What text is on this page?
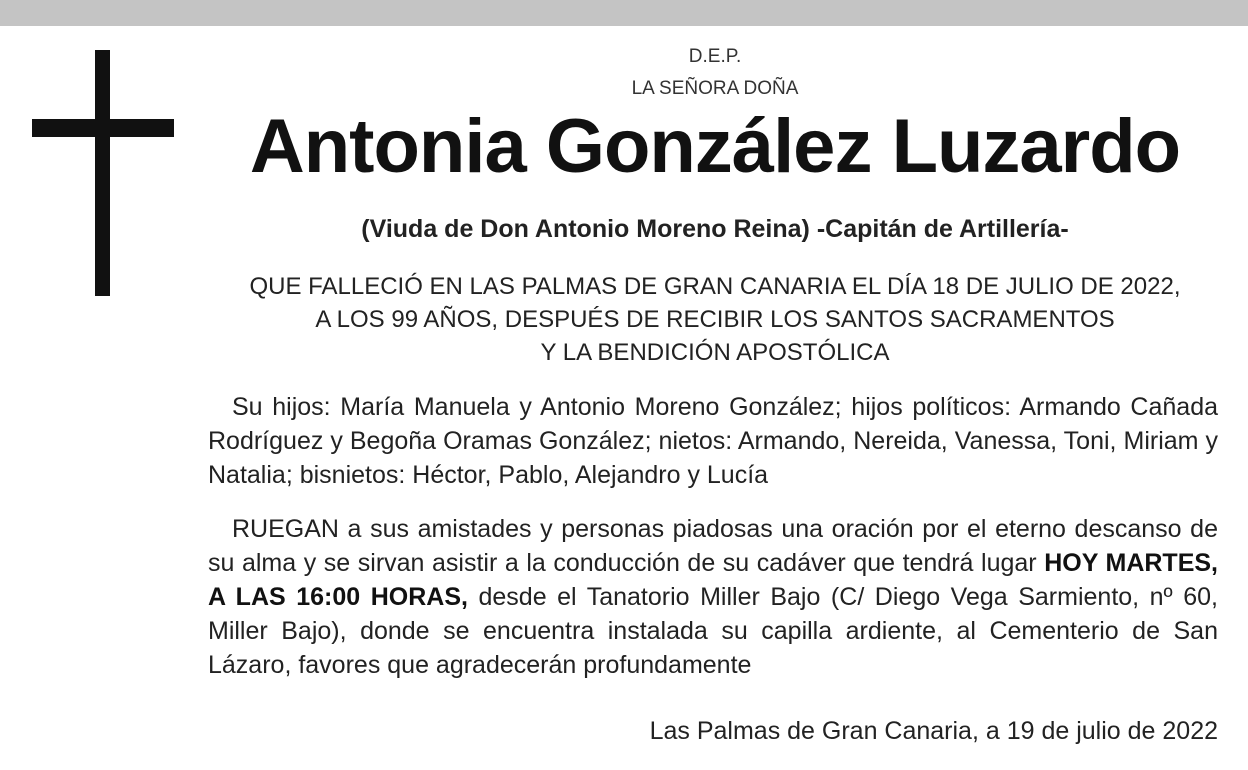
D.E.P.
LA SEÑORA DOÑA
Antonia González Luzardo
(Viuda de Don Antonio Moreno Reina) -Capitán de Artillería-
QUE FALLECIÓ EN LAS PALMAS DE GRAN CANARIA EL DÍA 18 DE JULIO DE 2022,
A LOS 99 AÑOS, DESPUÉS DE RECIBIR LOS SANTOS SACRAMENTOS
Y LA BENDICIÓN APOSTÓLICA

Su hijos: María Manuela y Antonio Moreno González; hijos políticos: Armando Cañada Rodríguez y Begoña Oramas González; nietos: Armando, Nereida, Vanessa, Toni, Miriam y Natalia; bisnietos: Héctor, Pablo, Alejandro y Lucía

RUEGAN a sus amistades y personas piadosas una oración por el eterno descanso de su alma y se sirvan asistir a la conducción de su cadáver que tendrá lugar HOY MARTES, A LAS 16:00 HORAS, desde el Tanatorio Miller Bajo (C/ Diego Vega Sarmiento, nº 60, Miller Bajo), donde se encuentra instalada su capilla ardiente, al Cementerio de San Lázaro, favores que agradecerán profundamente

Las Palmas de Gran Canaria, a 19 de julio de 2022
